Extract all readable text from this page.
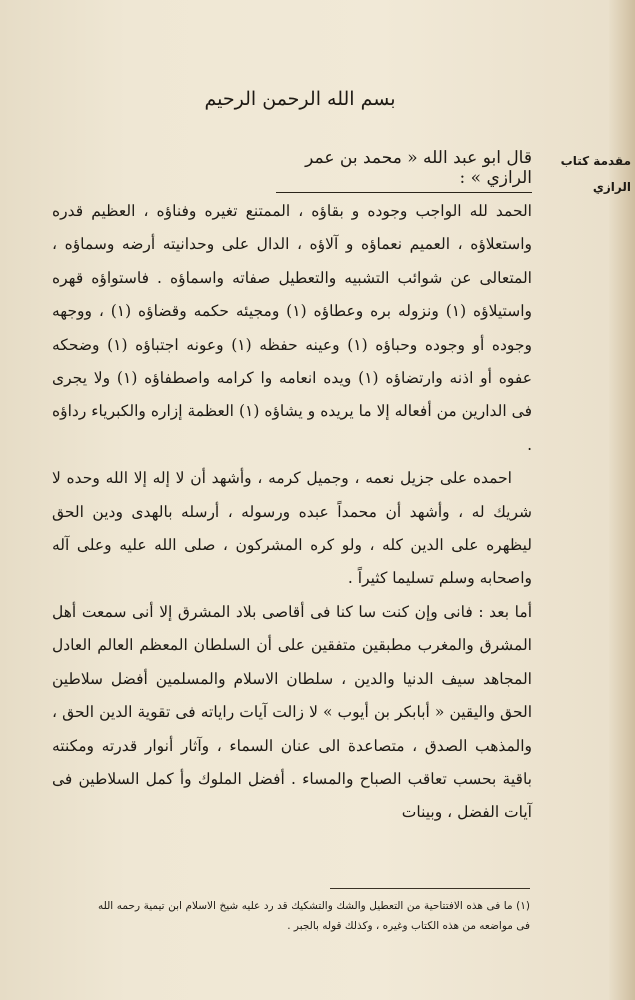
بسم الله الرحمن الرحيم
مقدمة كتاب الرازي
قال ابو عبد الله « محمد بن عمر الرازي » :

الحمد لله الواجب وجوده و بقاؤه ، الممتنع تغيره وفناؤه ، العظيم قدره واستعلاؤه ، العميم نعماؤه و آلاؤه ، الدال على وحدانيته أرضه وسماؤه ، المتعالى عن شوائب التشبيه والتعطيل صفاته واسماؤه . فاستواؤه قهره واستيلاؤه (١) ونزوله بره وعطاؤه (١) ومجيئه حكمه وقضاؤه (١) ، ووجهه وجوده أو وجوده وحباؤه (١) وعينه حفظه (١) وعونه اجتباؤه (١) وضحكه عفوه أو اذنه وارتضاؤه (١) ويده انعامه وا كرامه واصطفاؤه (١) ولا يجرى فى الدارين من أفعاله إلا ما يريده و يشاؤه (١) العظمة إزاره والكبرياء رداؤه .

احمده على جزيل نعمه ، وجميل كرمه ، وأشهد أن لا إله إلا الله وحده لا شريك له ، وأشهد أن محمداً عبده ورسوله ، أرسله بالهدى ودين الحق ليظهره على الدين كله ، ولو كره المشركون ، صلى الله عليه وعلى آله واصحابه وسلم تسليما كثيراً .

أما بعد : فانى وإن كنت سا كنا فى أقاصى بلاد المشرق إلا أنى سمعت أهل المشرق والمغرب مطبقين متفقين على أن السلطان المعظم العالم العادل المجاهد سيف الدنيا والدين ، سلطان الاسلام والمسلمين أفضل سلاطين الحق واليقين « أبابكر بن أيوب » لا زالت آيات راياته فى تقوية الدين الحق ، والمذهب الصدق ، متصاعدة الى عنان السماء ، وآثار أنوار قدرته ومكنته باقية بحسب تعاقب الصباح والمساء . أفضل الملوك وأ كمل السلاطين فى آيات الفضل ، وبينات

(١) ما فى هذه الافتتاحية من التعطيل والشك والتشكيك قد رد عليه شيخ الاسلام ابن تيمية رحمه الله فى مواضعه من هذه الكتاب وغيره ، وكذلك قوله بالجبر .
